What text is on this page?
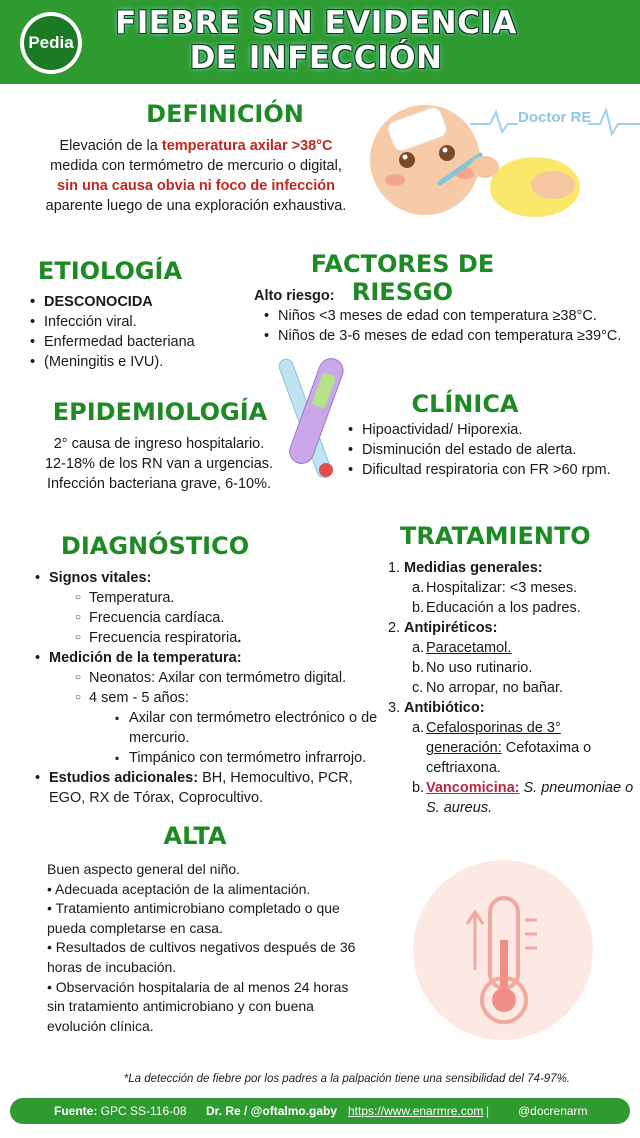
Pedia
FIEBRE SIN EVIDENCIA DE INFECCIÓN
Doctor RE
DEFINICIÓN
Elevación de la temperatura axilar >38°C
medida con termómetro de mercurio o digital,
sin una causa obvia ni foco de infección
aparente luego de una exploración exhaustiva.
ETIOLOGÍA
• DESCONOCIDA
• Infección viral.
• Enfermedad bacteriana
• (Meningitis e IVU).
FACTORES DE RIESGO
Alto riesgo:
• Niños <3 meses de edad con temperatura ≥38°C.
• Niños de 3-6 meses de edad con temperatura ≥39°C.
EPIDEMIOLOGÍA
2° causa de ingreso hospitalario.
12-18% de los RN van a urgencias.
Infección bacteriana grave, 6-10%.
CLÍNICA
• Hipoactividad/ Hiporexia.
• Disminución del estado de alerta.
• Dificultad respiratoria con FR >60 rpm.
DIAGNÓSTICO
• Signos vitales:
○ Temperatura.
○ Frecuencia cardíaca.
○ Frecuencia respiratoria.
• Medición de la temperatura:
○ Neonatos: Axilar con termómetro digital.
○ 4 sem - 5 años:
▪ Axilar con termómetro electrónico o de mercurio.
▪ Timpánico con termómetro infrarrojo.
• Estudios adicionales: BH, Hemocultivo, PCR, EGO, RX de Tórax, Coprocultivo.
TRATAMIENTO
1. Medidias generales:
a. Hospitalizar: <3 meses.
b. Educación a los padres.
2. Antipiréticos:
a. Paracetamol.
b. No uso rutinario.
c. No arropar, no bañar.
3. Antibiótico:
a. Cefalosporinas de 3° generación: Cefotaxima o ceftriaxona.
b. Vancomicina: S. pneumoniae o S. aureus.
ALTA
Buen aspecto general del niño.
• Adecuada aceptación de la alimentación.
• Tratamiento antimicrobiano completado o que pueda completarse en casa.
• Resultados de cultivos negativos después de 36 horas de incubación.
• Observación hospitalaria de al menos 24 horas sin tratamiento antimicrobiano y con buena evolución clínica.
*La detección de fiebre por los padres a la palpación tiene una sensibilidad del 74-97%.
Fuente: GPC SS-116-08 Dr. Re / @oftalmo.gaby https://www.enarmre.com | @docrenarm
